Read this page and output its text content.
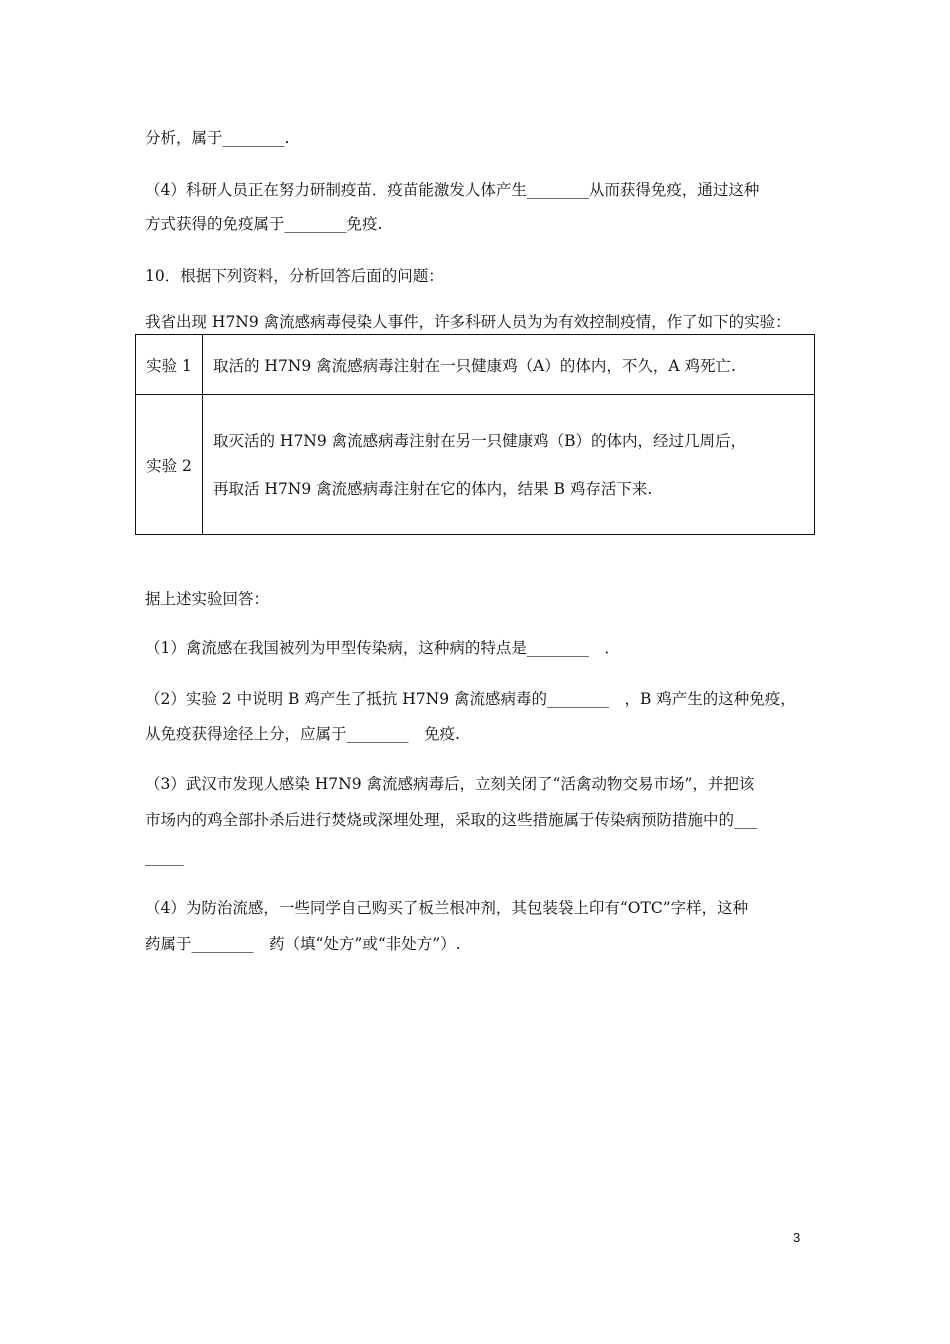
分析，属于________.
（4）科研人员正在努力研制疫苗．疫苗能激发人体产生________从而获得免疫，通过这种
方式获得的免疫属于________免疫.
10．根据下列资料，分析回答后面的问题：
我省出现 H7N9 禽流感病毒侵染人事件，许多科研人员为为有效控制疫情，作了如下的实验：
实验 1	取活的 H7N9 禽流感病毒注射在一只健康鸡（A）的体内，不久，A 鸡死亡.
实验 2	取灭活的 H7N9 禽流感病毒注射在另一只健康鸡（B）的体内，经过几周后，
再取活 H7N9 禽流感病毒注射在它的体内，结果 B 鸡存活下来.
据上述实验回答：
（1）禽流感在我国被列为甲型传染病，这种病的特点是________　．
（2）实验 2 中说明 B 鸡产生了抵抗 H7N9 禽流感病毒的________　，B 鸡产生的这种免疫，
从免疫获得途径上分，应属于________　免疫.
（3）武汉市发现人感染 H7N9 禽流感病毒后，立刻关闭了“活禽动物交易市场”，并把该
市场内的鸡全部扑杀后进行焚烧或深埋处理，采取的这些措施属于传染病预防措施中的___
_____
（4）为防治流感，一些同学自己购买了板兰根冲剂，其包装袋上印有“OTC”字样，这种
药属于________　药（填“处方”或“非处方”）.
3
